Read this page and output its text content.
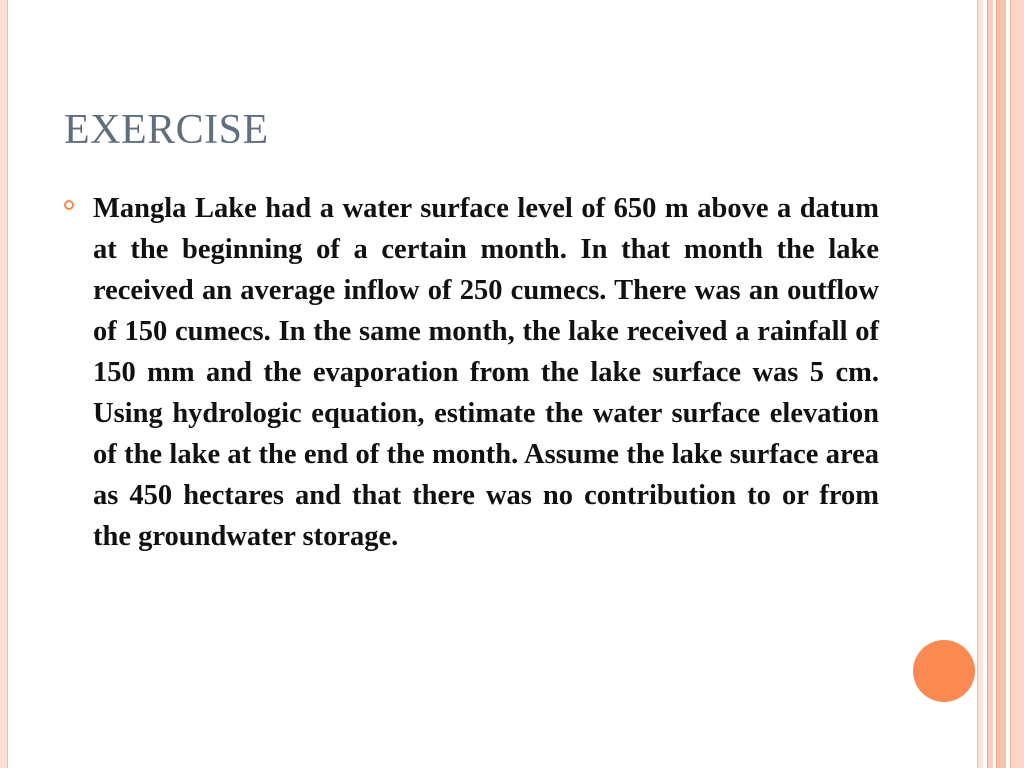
EXERCISE

Mangla Lake had a water surface level of 650 m above a datum at the beginning of a certain month. In that month the lake received an average inflow of 250 cumecs. There was an outflow of 150 cumecs. In the same month, the lake received a rainfall of 150 mm and the evaporation from the lake surface was 5 cm. Using hydrologic equation, estimate the water surface elevation of the lake at the end of the month. Assume the lake surface area as 450 hectares and that there was no contribution to or from the groundwater storage.
